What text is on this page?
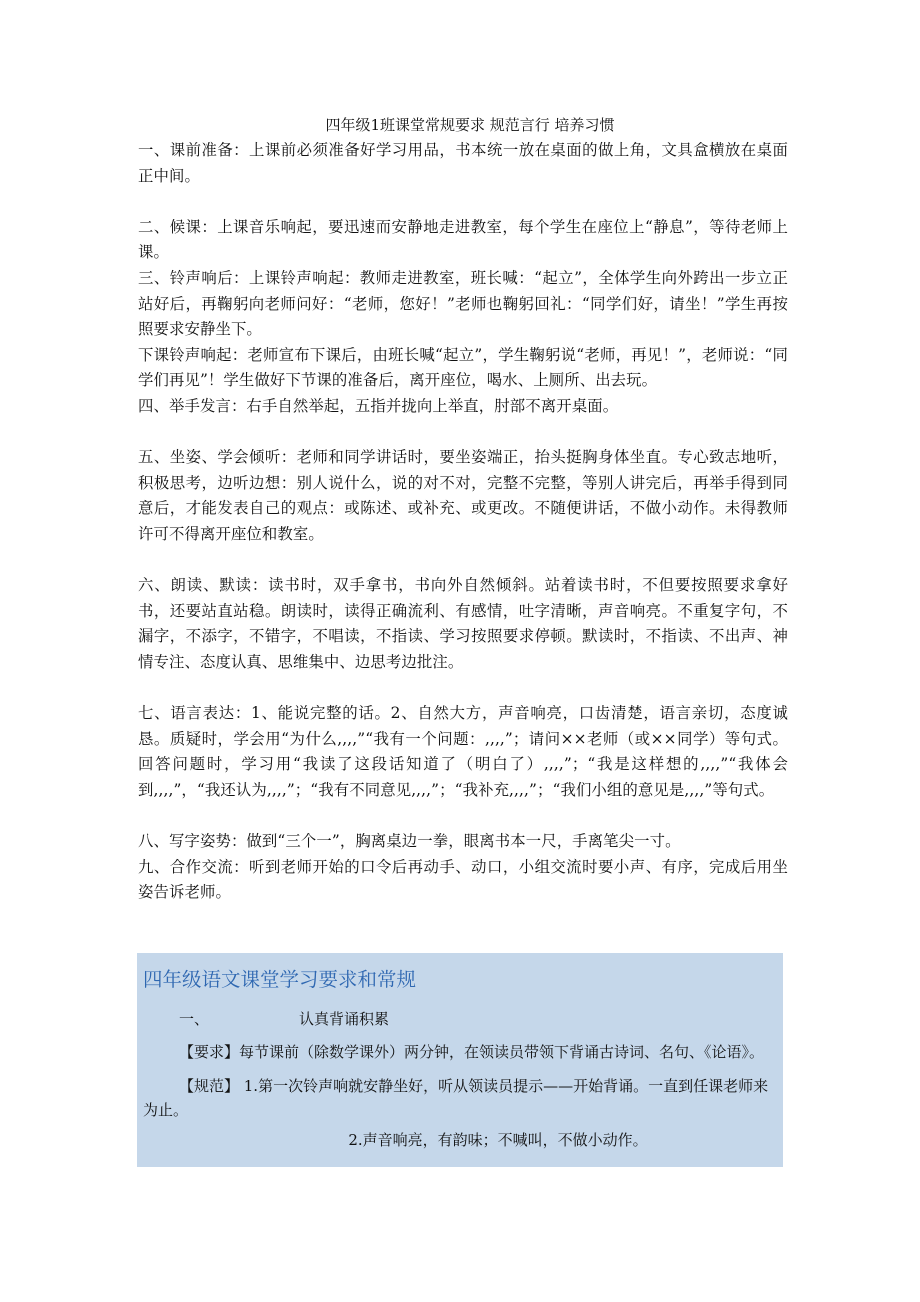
四年级1班课堂常规要求 规范言行 培养习惯

一、课前准备：上课前必须准备好学习用品，书本统一放在桌面的做上角，文具盒横放在桌面正中间。

二、候课：上课音乐响起，要迅速而安静地走进教室，每个学生在座位上“静息”，等待老师上课。

三、铃声响后：上课铃声响起：教师走进教室，班长喊：“起立”，全体学生向外跨出一步立正站好后，再鞠躬向老师问好：“老师，您好！”老师也鞠躬回礼：“同学们好，请坐！”学生再按照要求安静坐下。

下课铃声响起：老师宣布下课后，由班长喊“起立”，学生鞠躬说“老师，再见！”，老师说：“同学们再见”！学生做好下节课的准备后，离开座位，喝水、上厕所、出去玩。

四、举手发言：右手自然举起，五指并拢向上举直，肘部不离开桌面。

五、坐姿、学会倾听：老师和同学讲话时，要坐姿端正，抬头挺胸身体坐直。专心致志地听，积极思考，边听边想：别人说什么，说的对不对，完整不完整，等别人讲完后，再举手得到同意后，才能发表自己的观点：或陈述、或补充、或更改。不随便讲话，不做小动作。未得教师许可不得离开座位和教室。

六、朗读、默读：读书时，双手拿书，书向外自然倾斜。站着读书时，不但要按照要求拿好书，还要站直站稳。朗读时，读得正确流利、有感情，吐字清晰，声音响亮。不重复字句，不漏字，不添字，不错字，不唱读，不指读、学习按照要求停顿。默读时，不指读、不出声、神情专注、态度认真、思维集中、边思考边批注。

七、语言表达：1、能说完整的话。2、自然大方，声音响亮，口齿清楚，语言亲切，态度诚恳。质疑时，学会用“为什么,,,,”“我有一个问题：,,,,”；请问××老师（或××同学）等句式。回答问题时，学习用“我读了这段话知道了（明白了）,,,,”；“我是这样想的,,,,”“我体会到,,,,”，“我还认为,,,,”；“我有不同意见,,,,”；“我补充,,,,”；“我们小组的意见是,,,,”等句式。

八、写字姿势：做到“三个一”，胸离桌边一拳，眼离书本一尺，手离笔尖一寸。

九、合作交流：听到老师开始的口令后再动手、动口，小组交流时要小声、有序，完成后用坐姿告诉老师。

四年级语文课堂学习要求和常规

一、	认真背诵积累

【要求】每节课前（除数学课外）两分钟，在领读员带领下背诵古诗词、名句、《论语》。

【规范】 1.第一次铃声响就安静坐好，听从领读员提示——开始背诵。一直到任课老师来为止。

2.声音响亮，有韵味；不喊叫，不做小动作。
